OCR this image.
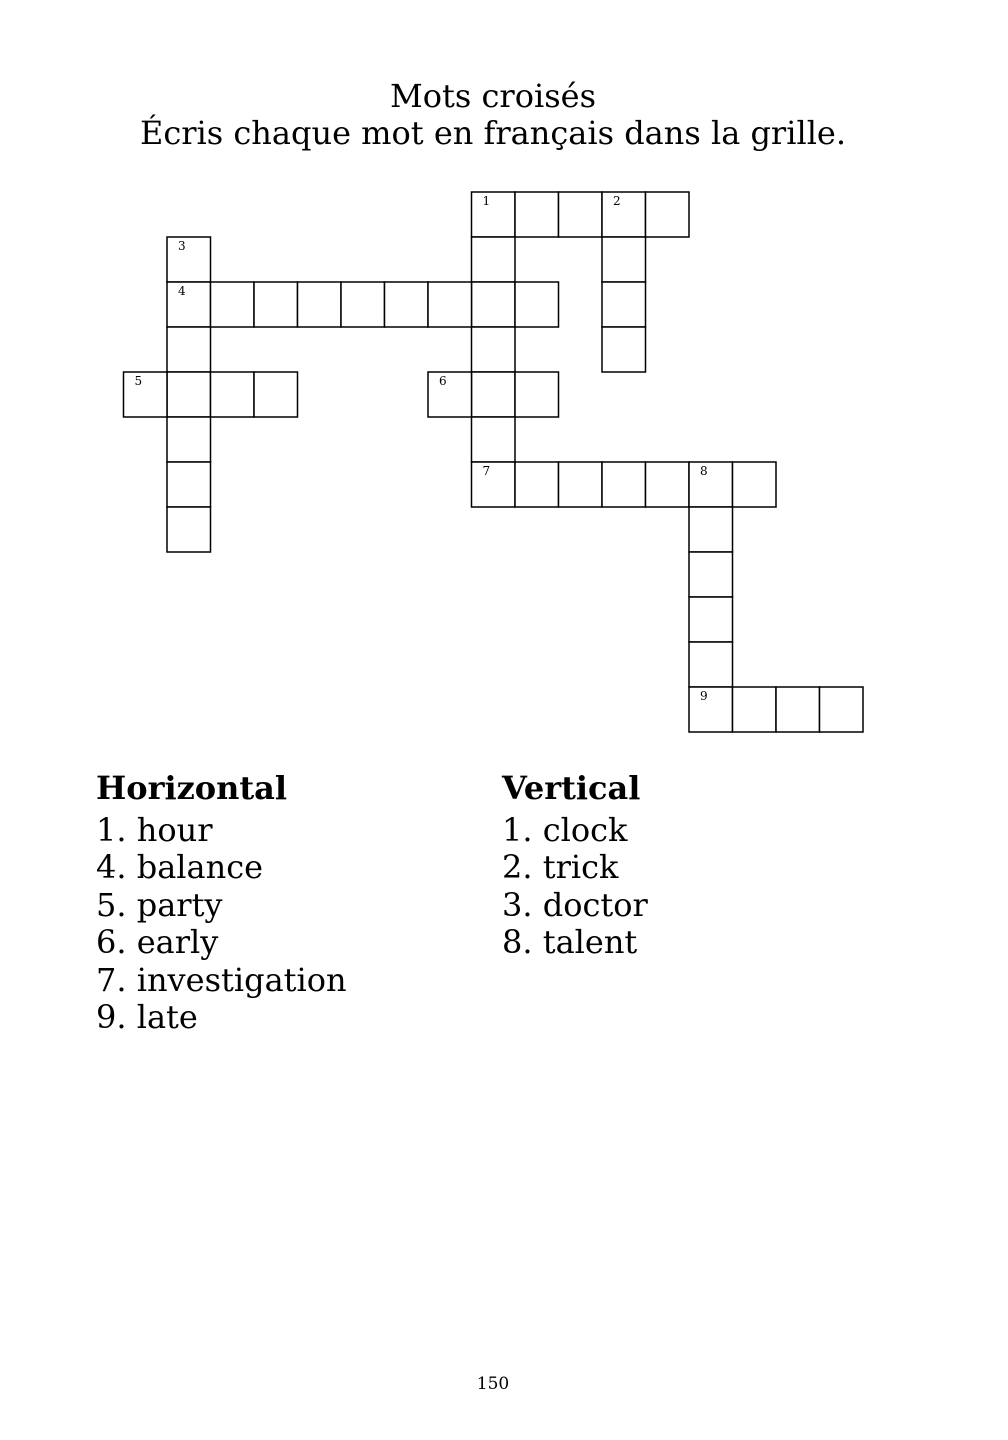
Mots croisés
Écris chaque mot en français dans la grille.
1	2
7
3
4
5	6
8
9
Horizontal
1. hour
4. balance
5. party
6. early
7. investigation
9. late
Vertical
1. clock
2. trick
3. doctor
8. talent
150
